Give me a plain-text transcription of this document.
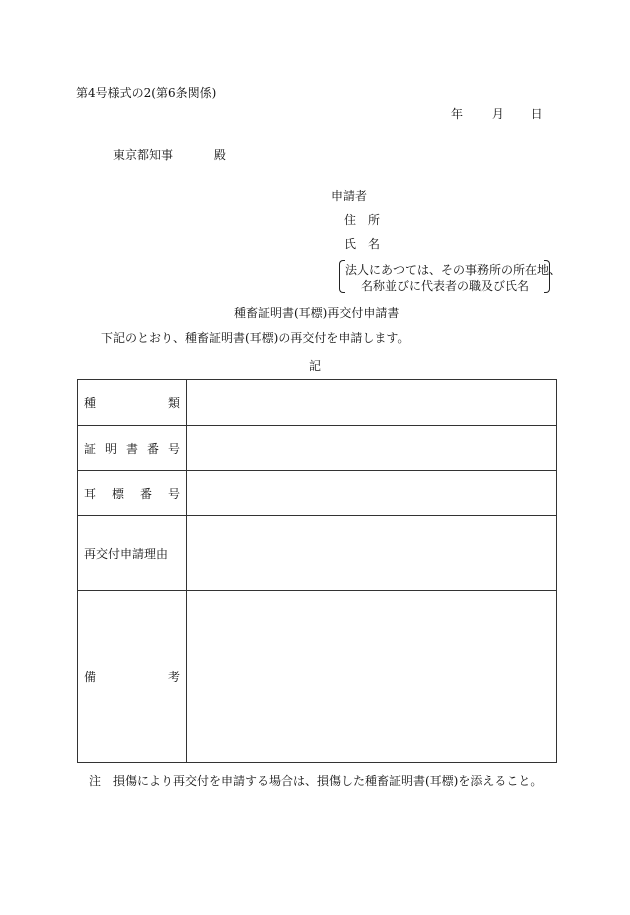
第4号様式の2(第6条関係)
年 月 日
東京都知事	殿
申請者
住　所
氏　名
法人にあつては、その事務所の所在地、
名称並びに代表者の職及び氏名
種畜証明書(耳標)再交付申請書
下記のとおり、種畜証明書(耳標)の再交付を申請します。
記
種 類	

証 明 書 番 号	

耳 標 番 号	

再交付申請理由	

備 考	

注　損傷により再交付を申請する場合は、損傷した種畜証明書(耳標)を添えること。
